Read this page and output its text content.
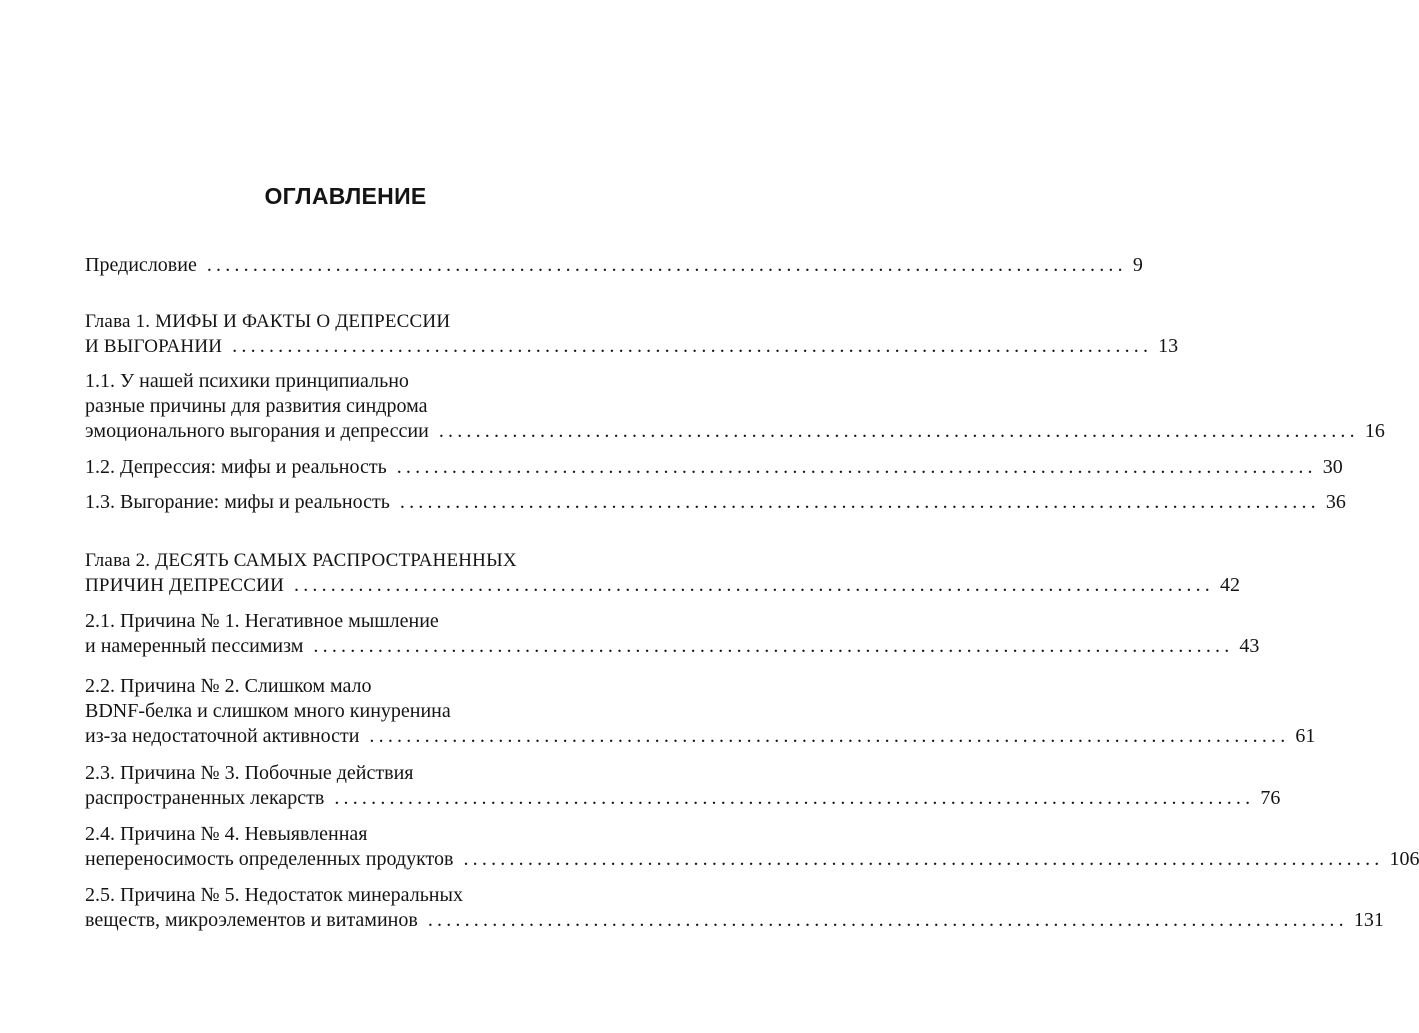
ОГЛАВЛЕНИЕ
Предисловие .................................................................................................... 9
Глава 1. МИФЫ И ФАКТЫ О ДЕПРЕССИИ
И ВЫГОРАНИИ .................................................................................................... 13
1.1. У нашей психики принципиально
разные причины для развития синдрома
эмоционального выгорания и депрессии .................................................................................................... 16
1.2. Депрессия: мифы и реальность .................................................................................................... 30
1.3. Выгорание: мифы и реальность .................................................................................................... 36
Глава 2. ДЕСЯТЬ САМЫХ РАСПРОСТРАНЕННЫХ
ПРИЧИН ДЕПРЕССИИ .................................................................................................... 42
2.1. Причина № 1. Негативное мышление
и намеренный пессимизм .................................................................................................... 43
2.2. Причина № 2. Слишком мало
BDNF-белка и слишком много кинуренина
из-за недостаточной активности .................................................................................................... 61
2.3. Причина № 3. Побочные действия
распространенных лекарств .................................................................................................... 76
2.4. Причина № 4. Невыявленная
непереносимость определенных продуктов .................................................................................................... 106
2.5. Причина № 5. Недостаток минеральных
веществ, микроэлементов и витаминов .................................................................................................... 131
